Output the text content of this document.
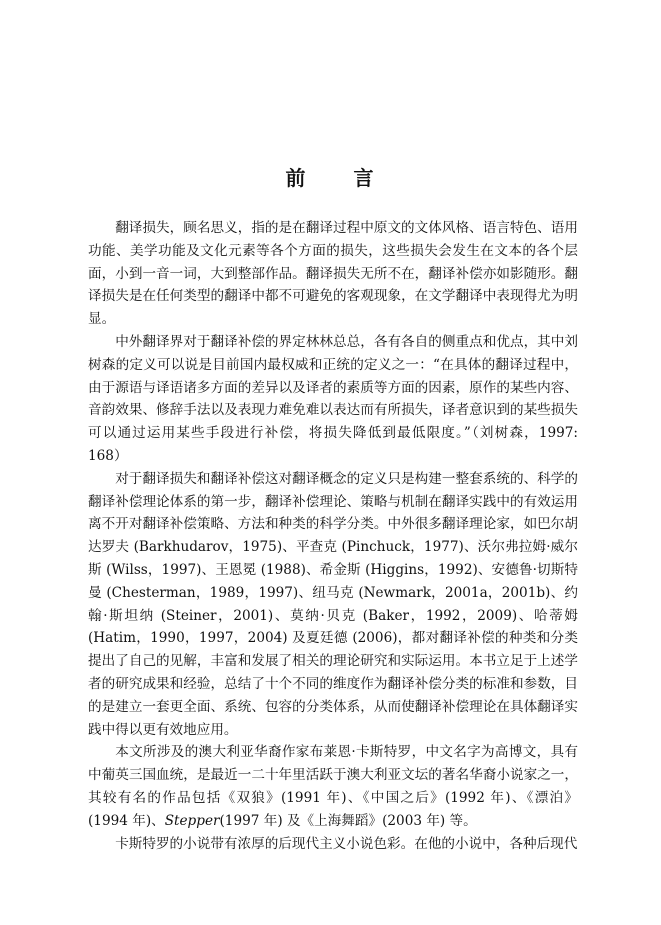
前 言

翻译损失，顾名思义，指的是在翻译过程中原文的文体风格、语言特色、语用功能、美学功能及文化元素等各个方面的损失，这些损失会发生在文本的各个层面，小到一音一词，大到整部作品。翻译损失无所不在，翻译补偿亦如影随形。翻译损失是在任何类型的翻译中都不可避免的客观现象，在文学翻译中表现得尤为明显。

中外翻译界对于翻译补偿的界定林林总总，各有各自的侧重点和优点，其中刘树森的定义可以说是目前国内最权威和正统的定义之一：“在具体的翻译过程中，由于源语与译语诸多方面的差异以及译者的素质等方面的因素，原作的某些内容、音韵效果、修辞手法以及表现力难免难以表达而有所损失，译者意识到的某些损失可以通过运用某些手段进行补偿，将损失降低到最低限度。”（刘树森，1997: 168）

对于翻译损失和翻译补偿这对翻译概念的定义只是构建一整套系统的、科学的翻译补偿理论体系的第一步，翻译补偿理论、策略与机制在翻译实践中的有效运用离不开对翻译补偿策略、方法和种类的科学分类。中外很多翻译理论家，如巴尔胡达罗夫 (Barkhudarov，1975)、平查克 (Pinchuck，1977)、沃尔弗拉姆·威尔斯 (Wilss，1997)、王恩冕 (1988)、希金斯 (Higgins，1992)、安德鲁·切斯特曼 (Chesterman，1989，1997)、纽马克 (Newmark，2001a，2001b)、约翰·斯坦纳 (Steiner，2001)、莫纳·贝克 (Baker，1992，2009)、哈蒂姆 (Hatim，1990，1997，2004) 及夏廷德 (2006)，都对翻译补偿的种类和分类提出了自己的见解，丰富和发展了相关的理论研究和实际运用。本书立足于上述学者的研究成果和经验，总结了十个不同的维度作为翻译补偿分类的标准和参数，目的是建立一套更全面、系统、包容的分类体系，从而使翻译补偿理论在具体翻译实践中得以更有效地应用。

本文所涉及的澳大利亚华裔作家布莱恩·卡斯特罗，中文名字为高博文，具有中葡英三国血统，是最近一二十年里活跃于澳大利亚文坛的著名华裔小说家之一，其较有名的作品包括《双狼》(1991 年)、《中国之后》(1992 年)、《漂泊》(1994 年)、Stepper(1997 年) 及《上海舞蹈》(2003 年) 等。

卡斯特罗的小说带有浓厚的后现代主义小说色彩。在他的小说中，各种后现代
